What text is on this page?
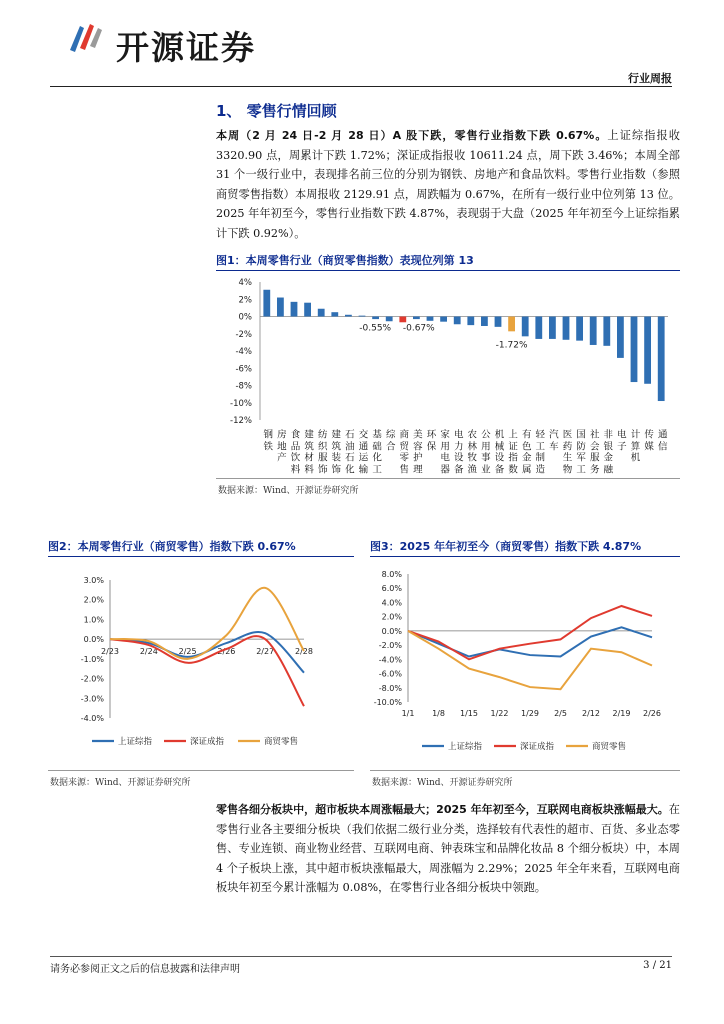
开源证券
行业周报
1、 零售行情回顾
本周（2 月 24 日-2 月 28 日）A 股下跌，零售行业指数下跌 0.67%。上证综指报收 3320.90 点，周累计下跌 1.72%；深证成指报收 10611.24 点，周下跌 3.46%；本周全部 31 个一级行业中，表现排名前三位的分别为钢铁、房地产和食品饮料。零售行业指数（参照商贸零售指数）本周报收 2129.91 点，周跌幅为 0.67%，在所有一级行业中位列第 13 位。2025 年年初至今，零售行业指数下跌 4.87%，表现弱于大盘（2025 年年初至今上证综指累计下跌 0.92%）。
图1：本周零售行业（商贸零售指数）表现位列第 13
4%
2%
0%
-2%
-4%
-6%
-8%
-10%
-12%
钢铁
房地产
食品饮料
建筑材料
纺织服饰
建筑装饰
石油石化
交通运输
基础化工
综合
商贸零售
美容护理
环保
家用电器
电力设备
农林牧渔
公用事业
机械设备
上证指数
有色金属
轻工制造
汽车
医药生物
国防军工
社会服务
非银金融
电子
计算机
传媒
通信
-0.55% -0.67%
-1.72%
数据来源：Wind、开源证券研究所
图2：本周零售行业（商贸零售）指数下跌 0.67%
3.0%
2.0%
1.0%
0.0%
-1.0%
-2.0%
-3.0%
-4.0%
2/23	2/24	2/25	2/26	2/27	2/28
上证综指	深证成指	商贸零售
数据来源：Wind、开源证券研究所
图3：2025 年年初至今（商贸零售）指数下跌 4.87%
8.0%
6.0%
4.0%
2.0%
0.0%
-2.0%
-4.0%
-6.0%
-8.0%
-10.0%
1/1 1/8 1/15 1/22 1/29 2/5 2/12 2/19 2/26
上证综指	深证成指	商贸零售
数据来源：Wind、开源证券研究所
零售各细分板块中，超市板块本周涨幅最大；2025 年年初至今，互联网电商板块涨幅最大。在零售行业各主要细分板块（我们依据二级行业分类，选择较有代表性的超市、百货、多业态零售、专业连锁、商业物业经营、互联网电商、钟表珠宝和品牌化妆品 8 个细分板块）中，本周 4 个子板块上涨，其中超市板块涨幅最大，周涨幅为 2.29%；2025 年全年来看，互联网电商板块年初至今累计涨幅为 0.08%，在零售行业各细分板块中领跑。
请务必参阅正文之后的信息披露和法律声明	3 / 21
